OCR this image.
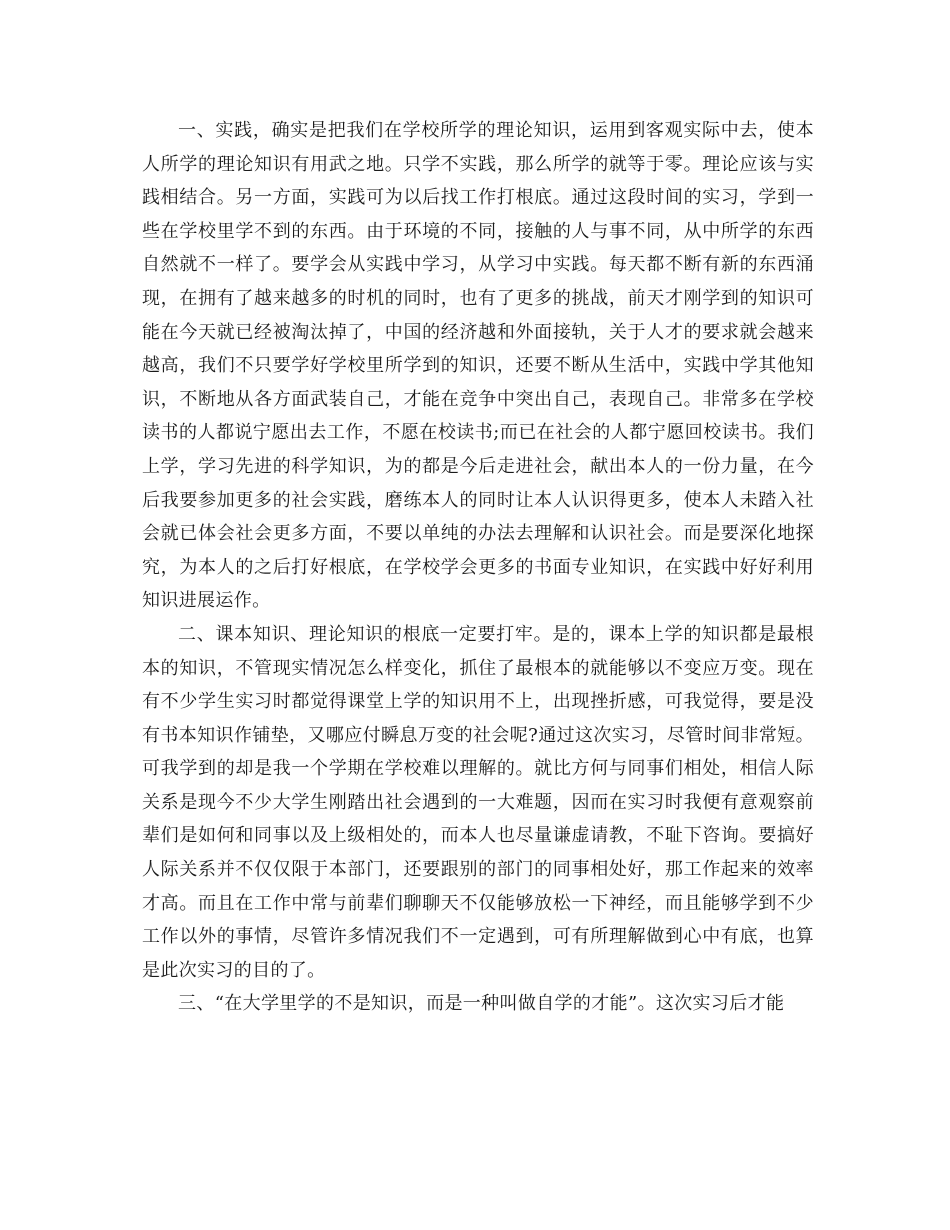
一、实践，确实是把我们在学校所学的理论知识，运用到客观实际中去，使本人所学的理论知识有用武之地。只学不实践，那么所学的就等于零。理论应该与实践相结合。另一方面，实践可为以后找工作打根底。通过这段时间的实习，学到一些在学校里学不到的东西。由于环境的不同，接触的人与事不同，从中所学的东西自然就不一样了。要学会从实践中学习，从学习中实践。每天都不断有新的东西涌现，在拥有了越来越多的时机的同时，也有了更多的挑战，前天才刚学到的知识可能在今天就已经被淘汰掉了，中国的经济越和外面接轨，关于人才的要求就会越来越高，我们不只要学好学校里所学到的知识，还要不断从生活中，实践中学其他知识，不断地从各方面武装自己，才能在竞争中突出自己，表现自己。非常多在学校读书的人都说宁愿出去工作，不愿在校读书;而已在社会的人都宁愿回校读书。我们上学，学习先进的科学知识，为的都是今后走进社会，献出本人的一份力量，在今后我要参加更多的社会实践，磨练本人的同时让本人认识得更多，使本人未踏入社会就已体会社会更多方面，不要以单纯的办法去理解和认识社会。而是要深化地探究，为本人的之后打好根底，在学校学会更多的书面专业知识，在实践中好好利用知识进展运作。

二、课本知识、理论知识的根底一定要打牢。是的，课本上学的知识都是最根本的知识，不管现实情况怎么样变化，抓住了最根本的就能够以不变应万变。现在有不少学生实习时都觉得课堂上学的知识用不上，出现挫折感，可我觉得，要是没有书本知识作铺垫，又哪应付瞬息万变的社会呢?通过这次实习，尽管时间非常短。可我学到的却是我一个学期在学校难以理解的。就比方何与同事们相处，相信人际关系是现今不少大学生刚踏出社会遇到的一大难题，因而在实习时我便有意观察前辈们是如何和同事以及上级相处的，而本人也尽量谦虚请教，不耻下咨询。要搞好人际关系并不仅仅限于本部门，还要跟别的部门的同事相处好，那工作起来的效率才高。而且在工作中常与前辈们聊聊天不仅能够放松一下神经，而且能够学到不少工作以外的事情，尽管许多情况我们不一定遇到，可有所理解做到心中有底，也算是此次实习的目的了。

三、“在大学里学的不是知识，而是一种叫做自学的才能”。这次实习后才能
